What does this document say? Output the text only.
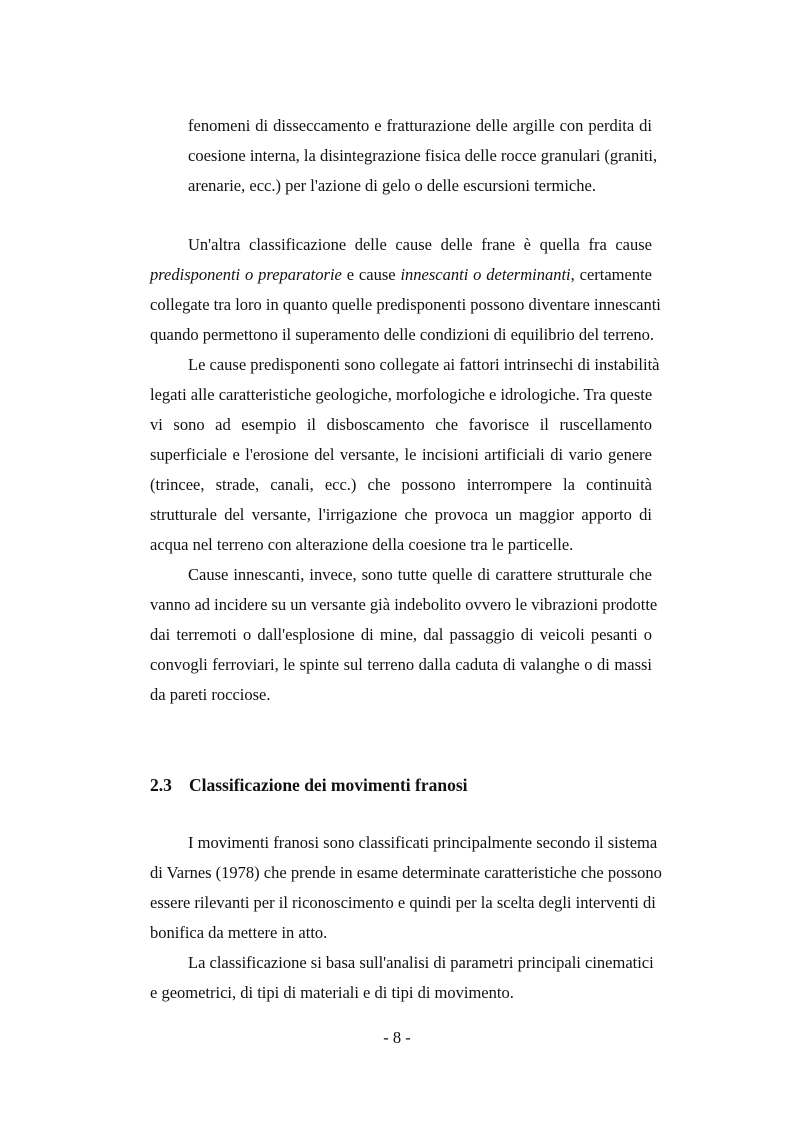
fenomeni di disseccamento e fratturazione delle argille con perdita di
coesione interna, la disintegrazione fisica delle rocce granulari (graniti,
arenarie, ecc.) per l'azione di gelo o delle escursioni termiche.
Un'altra classificazione delle cause delle frane è quella fra cause
predisponenti o preparatorie e cause innescanti o determinanti, certamente
collegate tra loro in quanto quelle predisponenti possono diventare innescanti
quando permettono il superamento delle condizioni di equilibrio del terreno.
Le cause predisponenti sono collegate ai fattori intrinsechi di instabilità
legati alle caratteristiche geologiche, morfologiche e idrologiche. Tra queste
vi sono ad esempio il disboscamento che favorisce il ruscellamento
superficiale e l'erosione del versante, le incisioni artificiali di vario genere
(trincee, strade, canali, ecc.) che possono interrompere la continuità
strutturale del versante, l'irrigazione che provoca un maggior apporto di
acqua nel terreno con alterazione della coesione tra le particelle.
Cause innescanti, invece, sono tutte quelle di carattere strutturale che
vanno ad incidere su un versante già indebolito ovvero le vibrazioni prodotte
dai terremoti o dall'esplosione di mine, dal passaggio di veicoli pesanti o
convogli ferroviari, le spinte sul terreno dalla caduta di valanghe o di massi
da pareti rocciose.
2.3 Classificazione dei movimenti franosi
I movimenti franosi sono classificati principalmente secondo il sistema
di Varnes (1978) che prende in esame determinate caratteristiche che possono
essere rilevanti per il riconoscimento e quindi per la scelta degli interventi di
bonifica da mettere in atto.
La classificazione si basa sull'analisi di parametri principali cinematici
e geometrici, di tipi di materiali e di tipi di movimento.
- 8 -
